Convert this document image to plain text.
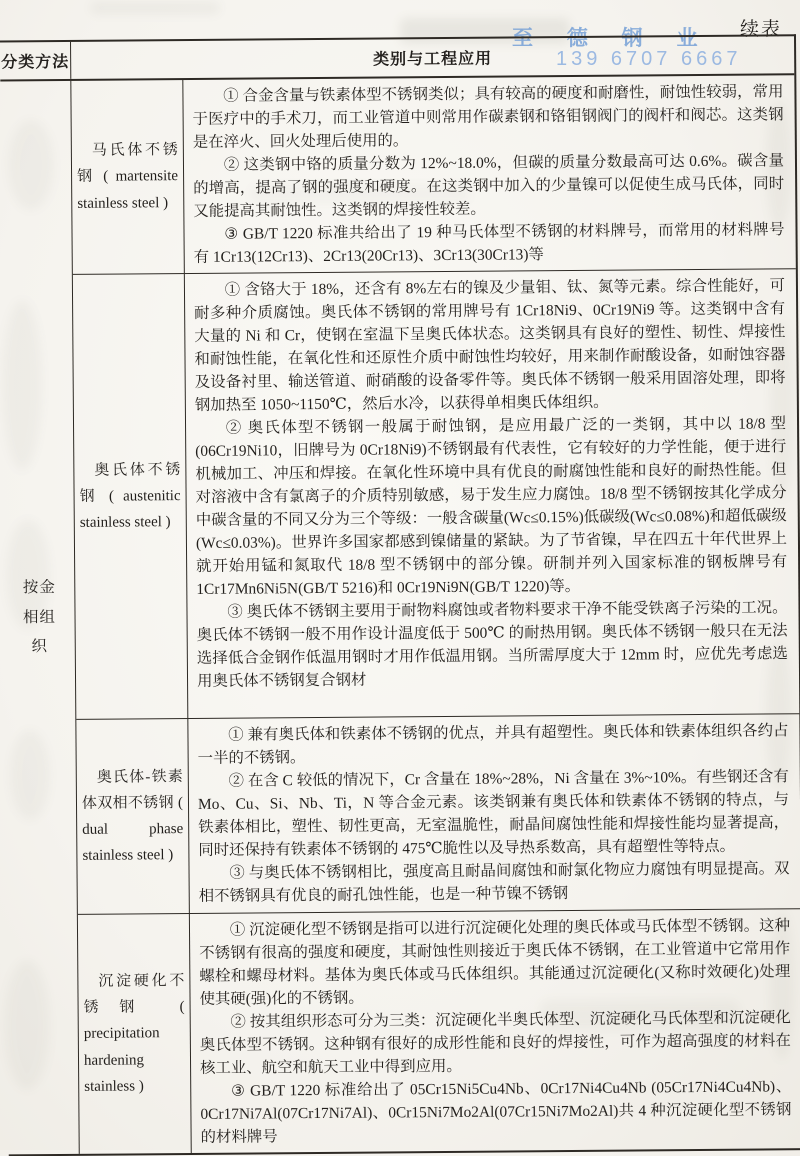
续表
至 德 钢 业
139 6707 6667
分类方法	类别与工程应用
按金相组织
马氏体不锈钢 ( martensite stainless steel )

① 合金含量与铁素体型不锈钢类似；具有较高的硬度和耐磨性，耐蚀性较弱，常用于医疗中的手术刀，而工业管道中则常用作碳素钢和铬钼钢阀门的阀杆和阀芯。这类钢是在淬火、回火处理后使用的。

② 这类钢中铬的质量分数为 12%~18.0%，但碳的质量分数最高可达 0.6%。碳含量的增高，提高了钢的强度和硬度。在这类钢中加入的少量镍可以促使生成马氏体，同时又能提高其耐蚀性。这类钢的焊接性较差。

③ GB/T 1220 标准共给出了 19 种马氏体型不锈钢的材料牌号，而常用的材料牌号有 1Cr13(12Cr13)、2Cr13(20Cr13)、3Cr13(30Cr13)等

奥氏体不锈钢 ( austenitic stainless steel )

① 含铬大于 18%，还含有 8%左右的镍及少量钼、钛、氮等元素。综合性能好，可耐多种介质腐蚀。奥氏体不锈钢的常用牌号有 1Cr18Ni9、0Cr19Ni9 等。这类钢中含有大量的 Ni 和 Cr，使钢在室温下呈奥氏体状态。这类钢具有良好的塑性、韧性、焊接性和耐蚀性能，在氧化性和还原性介质中耐蚀性均较好，用来制作耐酸设备，如耐蚀容器及设备衬里、输送管道、耐硝酸的设备零件等。奥氏体不锈钢一般采用固溶处理，即将钢加热至 1050~1150℃，然后水冷，以获得单相奥氏体组织。

② 奥氏体型不锈钢一般属于耐蚀钢，是应用最广泛的一类钢，其中以 18/8 型(06Cr19Ni10，旧牌号为 0Cr18Ni9)不锈钢最有代表性，它有较好的力学性能，便于进行机械加工、冲压和焊接。在氧化性环境中具有优良的耐腐蚀性能和良好的耐热性能。但对溶液中含有氯离子的介质特别敏感，易于发生应力腐蚀。18/8 型不锈钢按其化学成分中碳含量的不同又分为三个等级：一般含碳量(Wc≤0.15%)低碳级(Wc≤0.08%)和超低碳级(Wc≤0.03%)。世界许多国家都感到镍储量的紧缺。为了节省镍，早在四五十年代世界上就开始用锰和氮取代 18/8 型不锈钢中的部分镍。研制并列入国家标准的钢板牌号有 1Cr17Mn6Ni5N(GB/T 5216)和 0Cr19Ni9N(GB/T 1220)等。

③ 奥氏体不锈钢主要用于耐物料腐蚀或者物料要求干净不能受铁离子污染的工况。奥氏体不锈钢一般不用作设计温度低于 500℃ 的耐热用钢。奥氏体不锈钢一般只在无法选择低合金钢作低温用钢时才用作低温用钢。当所需厚度大于 12mm 时，应优先考虑选用奥氏体不锈钢复合钢材

奥氏体-铁素体双相不锈钢 ( dual phase stainless steel )

① 兼有奥氏体和铁素体不锈钢的优点，并具有超塑性。奥氏体和铁素体组织各约占一半的不锈钢。

② 在含 C 较低的情况下，Cr 含量在 18%~28%，Ni 含量在 3%~10%。有些钢还含有 Mo、Cu、Si、Nb、Ti，N 等合金元素。该类钢兼有奥氏体和铁素体不锈钢的特点，与铁素体相比，塑性、韧性更高，无室温脆性，耐晶间腐蚀性能和焊接性能均显著提高，同时还保持有铁素体不锈钢的 475℃脆性以及导热系数高，具有超塑性等特点。

③ 与奥氏体不锈钢相比，强度高且耐晶间腐蚀和耐氯化物应力腐蚀有明显提高。双相不锈钢具有优良的耐孔蚀性能，也是一种节镍不锈钢

沉淀硬化不锈钢 ( precipitation hardening stainless )

① 沉淀硬化型不锈钢是指可以进行沉淀硬化处理的奥氏体或马氏体型不锈钢。这种不锈钢有很高的强度和硬度，其耐蚀性则接近于奥氏体不锈钢，在工业管道中它常用作螺栓和螺母材料。基体为奥氏体或马氏体组织。其能通过沉淀硬化(又称时效硬化)处理使其硬(强)化的不锈钢。

② 按其组织形态可分为三类：沉淀硬化半奥氏体型、沉淀硬化马氏体型和沉淀硬化奥氏体型不锈钢。这种钢有很好的成形性能和良好的焊接性，可作为超高强度的材料在核工业、航空和航天工业中得到应用。

③ GB/T 1220 标准给出了 05Cr15Ni5Cu4Nb、0Cr17Ni4Cu4Nb (05Cr17Ni4Cu4Nb)、0Cr17Ni7Al(07Cr17Ni7Al)、0Cr15Ni7Mo2Al(07Cr15Ni7Mo2Al)共 4 种沉淀硬化型不锈钢的材料牌号
